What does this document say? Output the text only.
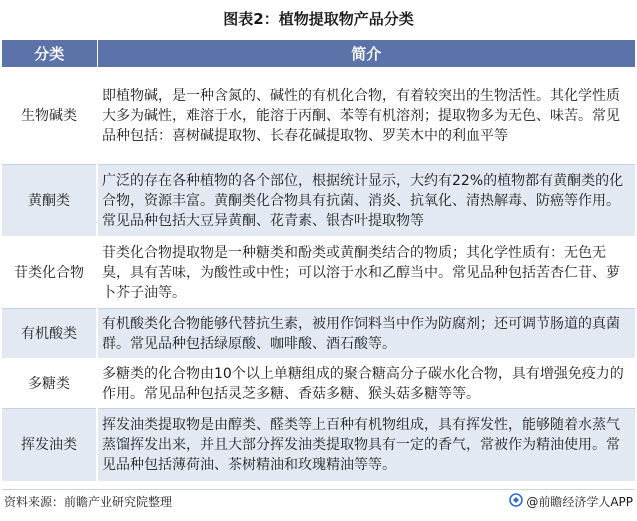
图表2：植物提取物产品分类
分类	简介
生物碱类	即植物碱，是一种含氮的、碱性的有机化合物，有着较突出的生物活性。其化学性质大多为碱性，难溶于水，能溶于丙酮、苯等有机溶剂；提取物多为无色、味苦。常见品种包括：喜树碱提取物、长春花碱提取物、罗芙木中的利血平等
黄酮类	广泛的存在各种植物的各个部位，根据统计显示，大约有22%的植物都有黄酮类的化合物，资源丰富。黄酮类化合物具有抗菌、消炎、抗氧化、清热解毒、防癌等作用。常见品种包括大豆异黄酮、花青素、银杏叶提取物等
苷类化合物	苷类化合物提取物是一种糖类和酚类或黄酮类结合的物质；其化学性质有：无色无臭，具有苦味，为酸性或中性；可以溶于水和乙醇当中。常见品种包括苦杏仁苷、萝卜芥子油等。
有机酸类	有机酸类化合物能够代替抗生素，被用作饲料当中作为防腐剂；还可调节肠道的真菌群。常见品种包括绿原酸、咖啡酸、酒石酸等。
多糖类	多糖类的化合物由10个以上单糖组成的聚合糖高分子碳水化合物，具有增强免疫力的作用。常见品种包括灵芝多糖、香菇多糖、猴头菇多糖等等。
挥发油类	挥发油类提取物是由醇类、醛类等上百种有机物组成，具有挥发性，能够随着水蒸气蒸馏挥发出来，并且大部分挥发油类提取物具有一定的香气，常被作为精油使用。常见品种包括薄荷油、茶树精油和玫瑰精油等等。
资料来源：前瞻产业研究院整理	@前瞻经济学人APP
